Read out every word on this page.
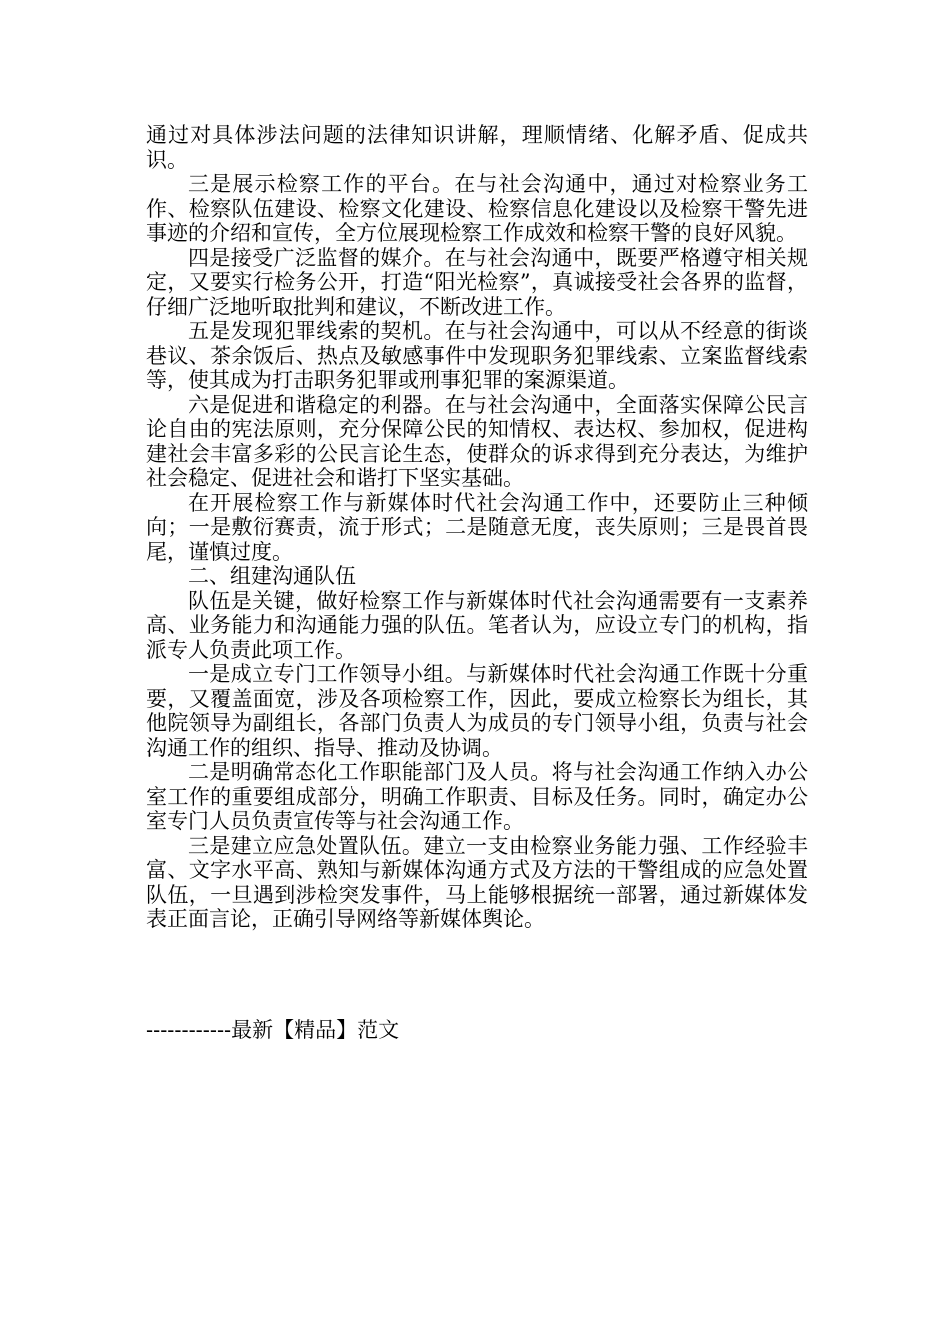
通过对具体涉法问题的法律知识讲解，理顺情绪、化解矛盾、促成共识。

三是展示检察工作的平台。在与社会沟通中，通过对检察业务工作、检察队伍建设、检察文化建设、检察信息化建设以及检察干警先进事迹的介绍和宣传，全方位展现检察工作成效和检察干警的良好风貌。

四是接受广泛监督的媒介。在与社会沟通中，既要严格遵守相关规定，又要实行检务公开，打造“阳光检察”，真诚接受社会各界的监督，仔细广泛地听取批判和建议，不断改进工作。

五是发现犯罪线索的契机。在与社会沟通中，可以从不经意的街谈巷议、茶余饭后、热点及敏感事件中发现职务犯罪线索、立案监督线索等，使其成为打击职务犯罪或刑事犯罪的案源渠道。

六是促进和谐稳定的利器。在与社会沟通中，全面落实保障公民言论自由的宪法原则，充分保障公民的知情权、表达权、参加权，促进构建社会丰富多彩的公民言论生态，使群众的诉求得到充分表达，为维护社会稳定、促进社会和谐打下坚实基础。

在开展检察工作与新媒体时代社会沟通工作中，还要防止三种倾向；一是敷衍赛责，流于形式；二是随意无度，丧失原则；三是畏首畏尾，谨慎过度。

二、组建沟通队伍

队伍是关键，做好检察工作与新媒体时代社会沟通需要有一支素养高、业务能力和沟通能力强的队伍。笔者认为，应设立专门的机构，指派专人负责此项工作。

一是成立专门工作领导小组。与新媒体时代社会沟通工作既十分重要，又覆盖面宽，涉及各项检察工作，因此，要成立检察长为组长，其他院领导为副组长，各部门负责人为成员的专门领导小组，负责与社会沟通工作的组织、指导、推动及协调。

二是明确常态化工作职能部门及人员。将与社会沟通工作纳入办公室工作的重要组成部分，明确工作职责、目标及任务。同时，确定办公室专门人员负责宣传等与社会沟通工作。

三是建立应急处置队伍。建立一支由检察业务能力强、工作经验丰富、文字水平高、熟知与新媒体沟通方式及方法的干警组成的应急处置队伍，一旦遇到涉检突发事件，马上能够根据统一部署，通过新媒体发表正面言论，正确引导网络等新媒体舆论。

------------最新【精品】范文
